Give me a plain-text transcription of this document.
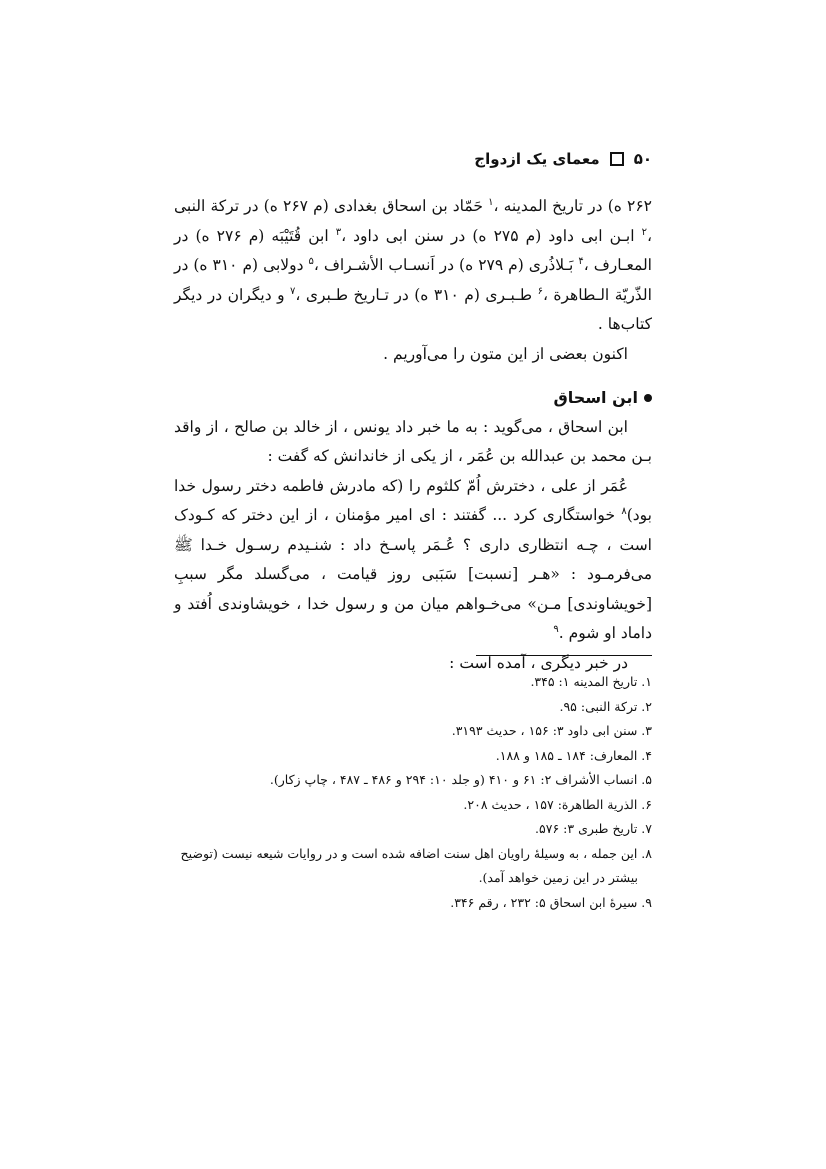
۵۰
معمای یک ازدواج

۲۶۲ ه) در تاریخ المدینه ،$^۱$ حَمّاد بن اسحاق بغدادی (م ۲۶۷ ه) در ترکة النبی ،$^۲$ ابـن ابی داود (م ۲۷۵ ه) در سنن ابی داود ،$^۳$ ابن قُتَیْبَه (م ۲۷۶ ه) در المعـارف ،$^۴$ بَـلاذُری (م ۲۷۹ ه) در اَنسـاب الأشـراف ،$^۵$ دولابی (م ۳۱۰ ه) در الذّریّة الـطاهرة ،$^۶$ طـبـری (م ۳۱۰ ه) در تـاریخ طـبری ،$^۷$ و دیگران در دیگر کتاب‌ها .

اکنون بعضی از این متون را می‌آوریم .

ابن اسحاق

ابن اسحاق ، می‌گوید : به ما خبر داد یونس ، از خالد بن صالح ، از واقد بـن محمد بن عبدالله بن عُمَر ، از یکی از خاندانش که گفت :

عُمَر از علی ، دخترش اُمّ کلثوم را (که مادرش فاطمه دختر رسول خدا بود)$^۸$ خواستگاری کرد ... گفتند : ای امیر مؤمنان ، از این دختر که کـودک است ، چـه انتظاری داری ؟ عُـمَر پاسـخ داد : شنـیدم رسـول خـدا ﷺ می‌فرمـود : «هـر [نسبت] سَبَبی روز قیامت ، می‌گسلد مگر سببِ [خویشاوندی] مـن» می‌خـواهم میان من و رسول خدا ، خویشاوندی اُفتد و داماد او شوم .$^۹$

در خبر دیگری ، آمده است :

۱. تاریخ المدینه ۱: ۳۴۵.

۲. ترکة النبی: ۹۵.

۳. سنن ابی داود ۳: ۱۵۶ ، حدیث ۳۱۹۳.

۴. المعارف: ۱۸۴ ـ ۱۸۵ و ۱۸۸.

۵. انساب الأشراف ۲: ۶۱ و ۴۱۰ (و جلد ۱۰: ۲۹۴ و ۴۸۶ ـ ۴۸۷ ، چاپ زکار).

۶. الذریة الطاهرة: ۱۵۷ ، حدیث ۲۰۸.

۷. تاریخ طبری ۳: ۵۷۶.

۸. این جمله ، به وسیلهٔ راویان اهل سنت اضافه شده است و در روایات شیعه نیست (توضیح
بیشتر در این زمین خواهد آمد).

۹. سیرهٔ ابن اسحاق ۵: ۲۳۲ ، رقم ۳۴۶.
